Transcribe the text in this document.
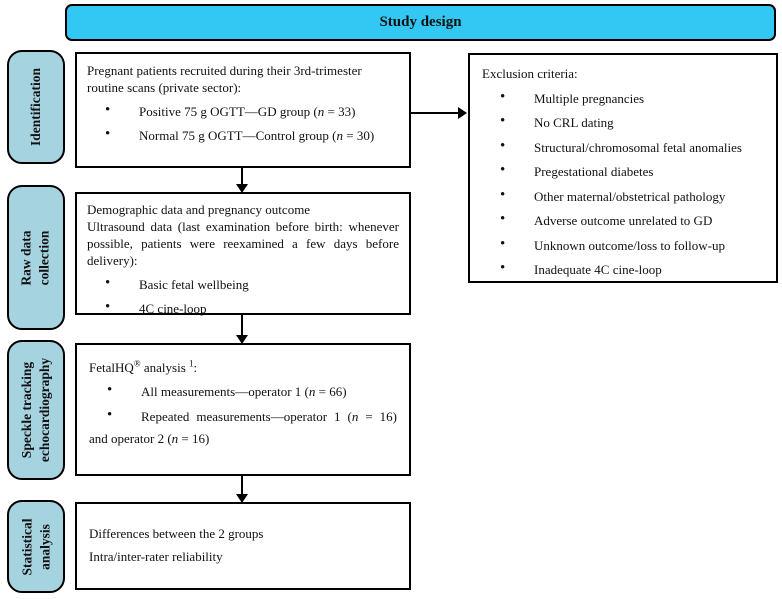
Study design
Identification
Raw data collection
Speckle tracking echocardiography
Statistical analysis
Pregnant patients recruited during their 3rd-trimester routine scans (private sector):
• Positive 75 g OGTT—GD group (n = 33)
• Normal 75 g OGTT—Control group (n = 30)
Demographic data and pregnancy outcome
Ultrasound data (last examination before birth: whenever possible, patients were reexamined a few days before delivery):
• Basic fetal wellbeing
• 4C cine-loop
FetalHQ® analysis $^1$:
• All measurements—operator 1 (n = 66)
• Repeated measurements—operator 1 (n = 16)
and operator 2 (n = 16)
Differences between the 2 groups
Intra/inter-rater reliability
Exclusion criteria:
• Multiple pregnancies
• No CRL dating
• Structural/chromosomal fetal anomalies
• Pregestational diabetes
• Other maternal/obstetrical pathology
• Adverse outcome unrelated to GD
• Unknown outcome/loss to follow-up
• Inadequate 4C cine-loop
